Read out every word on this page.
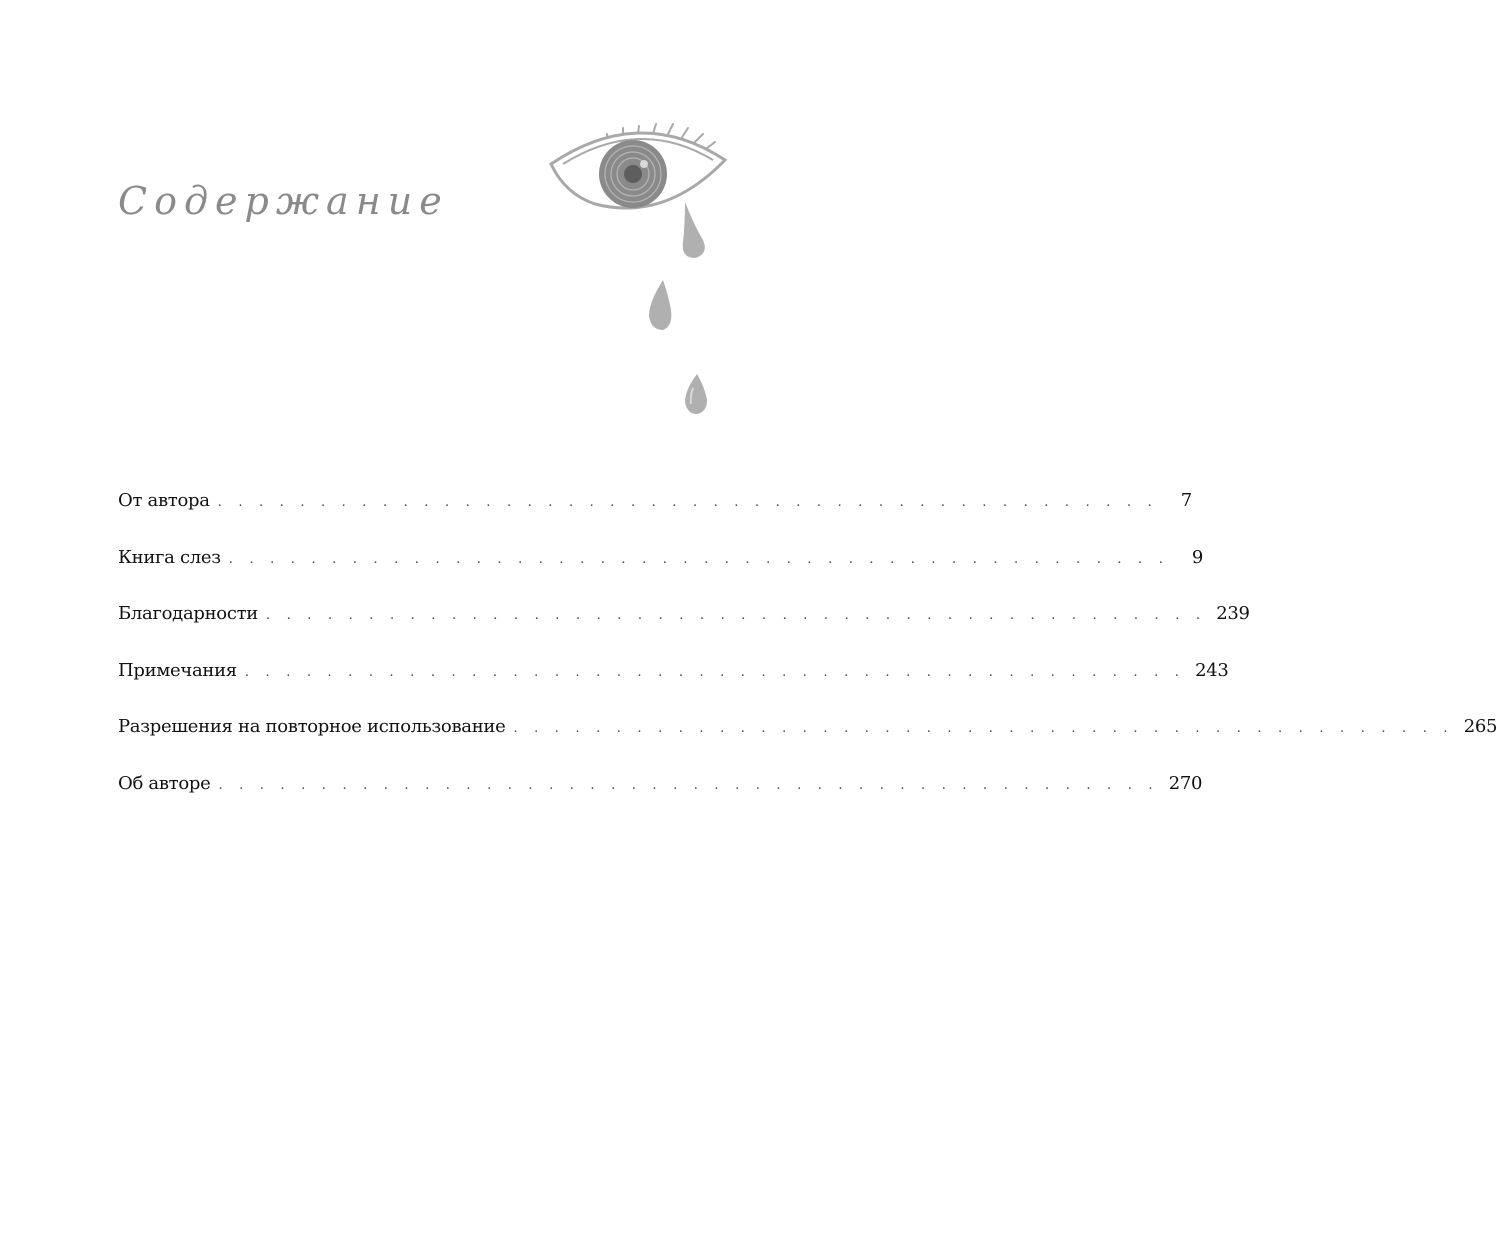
Содержание
От автора . . . . . . . . . . . . . . . . . . . . . . . . . . . . . . . . . . . . . . . . . . . . . .	7
Книга слез . . . . . . . . . . . . . . . . . . . . . . . . . . . . . . . . . . . . . . . . . . . . . .	9
Благодарности . . . . . . . . . . . . . . . . . . . . . . . . . . . . . . . . . . . . . . . . . . . . . . 239
Примечания . . . . . . . . . . . . . . . . . . . . . . . . . . . . . . . . . . . . . . . . . . . . . . 243
Разрешения на повторное использование . . . . . . . . . . . . . . . . . . . . . . . . . . . . . . . . . . . . . . . . . . . . . . 265
Об авторе . . . . . . . . . . . . . . . . . . . . . . . . . . . . . . . . . . . . . . . . . . . . . . 270
